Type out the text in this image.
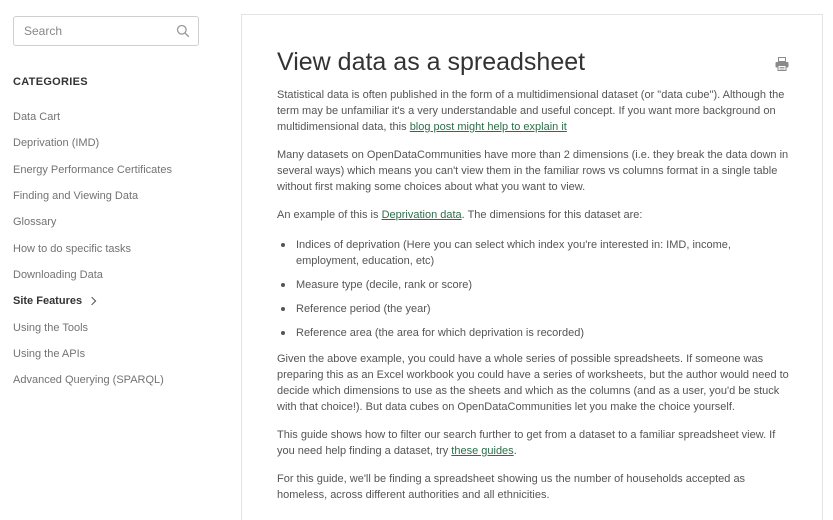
Search
CATEGORIES
Data Cart
Deprivation (IMD)
Energy Performance Certificates
Finding and Viewing Data
Glossary
How to do specific tasks
Downloading Data
Site Features
Using the Tools
Using the APIs
Advanced Querying (SPARQL)
View data as a spreadsheet

Statistical data is often published in the form of a multidimensional dataset (or "data cube"). Although the term may be unfamiliar it's a very understandable and useful concept. If you want more background on multidimensional data, this blog post might help to explain it

Many datasets on OpenDataCommunities have more than 2 dimensions (i.e. they break the data down in several ways) which means you can't view them in the familiar rows vs columns format in a single table without first making some choices about what you want to view.

An example of this is Deprivation data. The dimensions for this dataset are:

Indices of deprivation (Here you can select which index you're interested in: IMD, income, employment, education, etc)
Measure type (decile, rank or score)
Reference period (the year)
Reference area (the area for which deprivation is recorded)

Given the above example, you could have a whole series of possible spreadsheets. If someone was preparing this as an Excel workbook you could have a series of worksheets, but the author would need to decide which dimensions to use as the sheets and which as the columns (and as a user, you'd be stuck with that choice!). But data cubes on OpenDataCommunities let you make the choice yourself.

This guide shows how to filter our search further to get from a dataset to a familiar spreadsheet view. If you need help finding a dataset, try these guides.

For this guide, we'll be finding a spreadsheet showing us the number of households accepted as homeless, across different authorities and all ethnicities.
